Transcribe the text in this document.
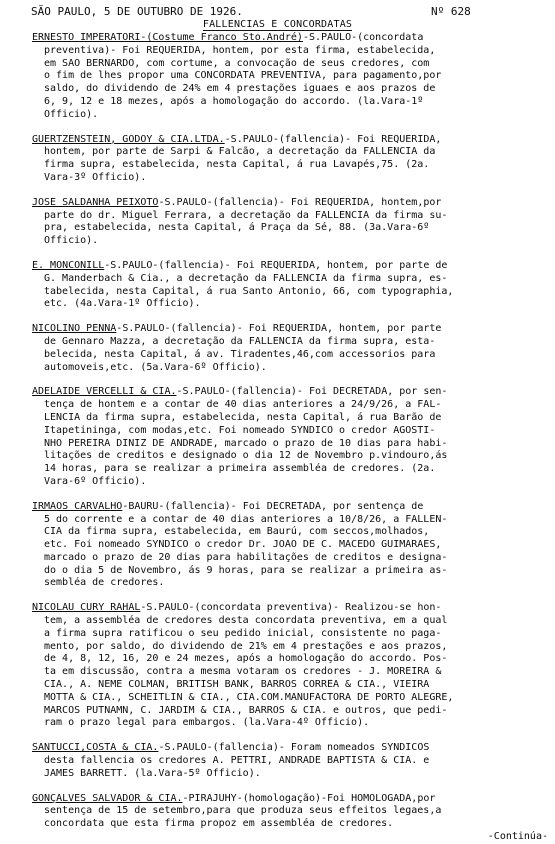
SÃO PAULO, 5 DE OUTUBRO DE 1926.	Nº 628
FALLENCIAS E CONCORDATAS
ERNESTO IMPERATORI-(Costume Franco Sto.André)-S.PAULO-(concordata
preventiva)- Foi REQUERIDA, hontem, por esta firma, estabelecida,
em SÃO BERNARDO, com cortume, a convocação de seus credores, com
o fim de lhes propor uma CONCORDATA PREVENTIVA, para pagamento,por
saldo, do dividendo de 24% em 4 prestações iguaes e aos prazos de
6, 9, 12 e 18 mezes, após a homologação do accordo. (la.Vara-1º
Officio).
GUERTZENSTEIN, GODOY & CIA.LTDA.-S.PAULO-(fallencia)- Foi REQUERIDA,
hontem, por parte de Sarpi & Falcão, a decretação da FALLENCIA da
firma supra, estabelecida, nesta Capital, á rua Lavapés,75. (2a.
Vara-3º Officio).
JOSÉ SALDANHA PEIXOTO-S.PAULO-(fallencia)- Foi REQUERIDA, hontem,por
parte do dr. Miguel Ferrara, a decretação da FALLENCIA da firma su-
pra, estabelecida, nesta Capital, á Praça da Sé, 88. (3a.Vara-6º
Officio).
E. MONCONILL-S.PAULO-(fallencia)- Foi REQUERIDA, hontem, por parte de
G. Manderbach & Cia., a decretação da FALLENCIA da firma supra, es-
tabelecida, nesta Capital, á rua Santo Antonio, 66, com typographia,
etc. (4a.Vara-1º Officio).
NICOLINO PENNA-S.PAULO-(fallencia)- Foi REQUERIDA, hontem, por parte
de Gennaro Mazza, a decretação da FALLENCIA da firma supra, esta-
belecida, nesta Capital, á av. Tiradentes,46,com accessorios para
automoveis,etc. (5a.Vara-6º Officio).
ADELAIDE VERCELLI & CIA.-S.PAULO-(fallencia)- Foi DECRETADA, por sen-
tença de hontem e a contar de 40 dias anteriores a 24/9/26, a FAL-
LENCIA da firma supra, estabelecida, nesta Capital, á rua Barão de
Itapetininga, com modas,etc. Foi nomeado SYNDICO o credor AGOSTI-
NHO PEREIRA DINIZ DE ANDRADE, marcado o prazo de 10 dias para habi-
litações de creditos e designado o dia 12 de Novembro p.vindouro,ás
14 horas, para se realizar a primeira assembléa de credores. (2a.
Vara-6º Officio).
IRMÃOS CARVALHO-BAURÚ-(fallencia)- Foi DECRETADA, por sentença de
5 do corrente e a contar de 40 dias anteriores a 10/8/26, a FALLEN-
CIA da firma supra, estabelecida, em Baurú, com seccos,molhados,
etc. Foi nomeado SYNDICO o credor Dr. JOÃO DE C. MACEDO GUIMARÃES,
marcado o prazo de 20 dias para habilitações de creditos e designa-
do o dia 5 de Novembro, ás 9 horas, para se realizar a primeira as-
sembléa de credores.
NICOLAU CURY RAHAL-S.PAULO-(concordata preventiva)- Realizou-se hon-
tem, a assembléa de credores desta concordata preventiva, em a qual
a firma supra ratificou o seu pedido inicial, consistente no paga-
mento, por saldo, do dividendo de 21% em 4 prestações e aos prazos,
de 4, 8, 12, 16, 20 e 24 mezes, após a homologação do accordo. Pos-
ta em discussão, contra a mesma votaram os credores - J. MOREIRA &
CIA., A. NEME COLMAN, BRITISH BANK, BARROS CORRÊA & CIA., VIEIRA
MOTTA & CIA., SCHEITLIN & CIA., CIA.COM.MANUFACTORA DE PORTO ALEGRE,
MARCOS PUTNAMN, C. JARDIM & CIA., BARROS & CIA. e outros, que pedi-
ram o prazo legal para embargos. (la.Vara-4º Officio).
SANTUCCI,COSTA & CIA.-S.PAULO-(fallencia)- Foram nomeados SYNDICOS
desta fallencia os credores A. PETTRI, ANDRADE BAPTISTA & CIA. e
JAMES BARRETT. (la.Vara-5º Officio).
GONÇALVES SALVADOR & CIA.-PIRAJUHY-(homologação)-Foi HOMOLOGADA,por
sentença de 15 de setembro,para que produza seus effeitos legaes,a
concordata que esta firma propoz em assembléa de credores.
-Continúa-
